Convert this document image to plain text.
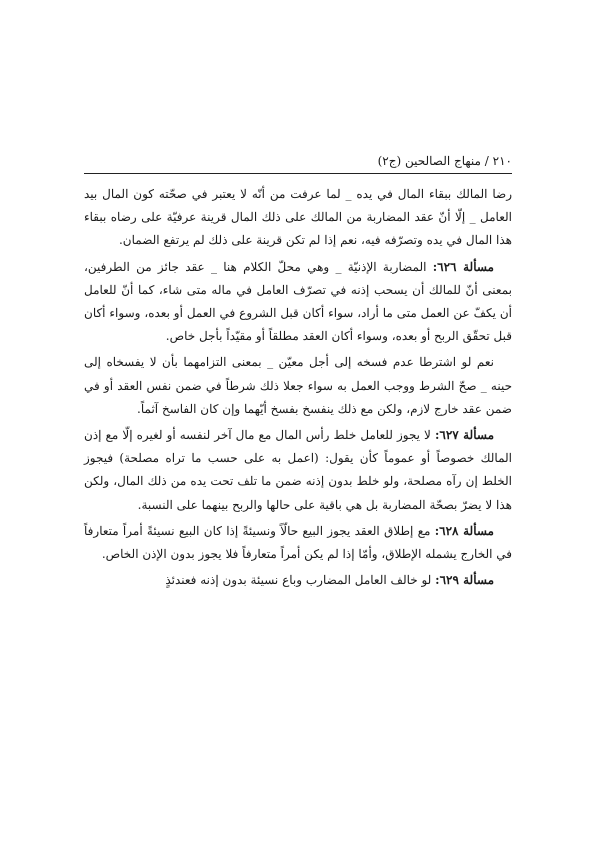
٢١٠ / منهاج الصالحين (ج٢)

رضا المالك ببقاء المال في يده _ لما عرفت من أنّه لا يعتبر في صحّته كون المال بيد العامل _ إلّا أنّ عقد المضاربة من المالك على ذلك المال قرينة عرفيّة على رضاه ببقاء هذا المال في يده وتصرّفه فيه، نعم إذا لم تكن قرينة على ذلك لم يرتفع الضمان.

مسألة ٦٢٦: المضاربة الإذنيّة _ وهي محلّ الكلام هنا _ عقد جائز من الطرفين، بمعنى أنّ للمالك أن يسحب إذنه في تصرّف العامل في ماله متى شاء، كما أنّ للعامل أن يكفّ عن العمل متى ما أراد، سواء أكان قبل الشروع في العمل أو بعده، وسواء أكان قبل تحقّق الربح أو بعده، وسواء أكان العقد مطلقاً أو مقيّداً بأجل خاص.

نعم لو اشترطا عدم فسخه إلى أجل معيّن _ بمعنى التزامهما بأن لا يفسخاه إلى حينه _ صحّ الشرط ووجب العمل به سواء جعلا ذلك شرطاً في ضمن نفس العقد أو في ضمن عقد خارج لازم، ولكن مع ذلك ينفسخ بفسخ أيّهما وإن كان الفاسخ آثماً.

مسألة ٦٢٧: لا يجوز للعامل خلط رأس المال مع مال آخر لنفسه أو لغيره إلّا مع إذن المالك خصوصاً أو عموماً كأن يقول: (اعمل به على حسب ما تراه مصلحة) فيجوز الخلط إن رآه مصلحة، ولو خلط بدون إذنه ضمن ما تلف تحت يده من ذلك المال، ولكن هذا لا يضرّ بصحّة المضاربة بل هي باقية على حالها والربح بينهما على النسبة.

مسألة ٦٢٨: مع إطلاق العقد يجوز البيع حالّاً ونسيئةً إذا كان البيع نسيئةً أمراً متعارفاً في الخارج يشمله الإطلاق، وأمّا إذا لم يكن أمراً متعارفاً فلا يجوز بدون الإذن الخاص.

مسألة ٦٢٩: لو خالف العامل المضارب وباع نسيئة بدون إذنه فعندئذٍ
